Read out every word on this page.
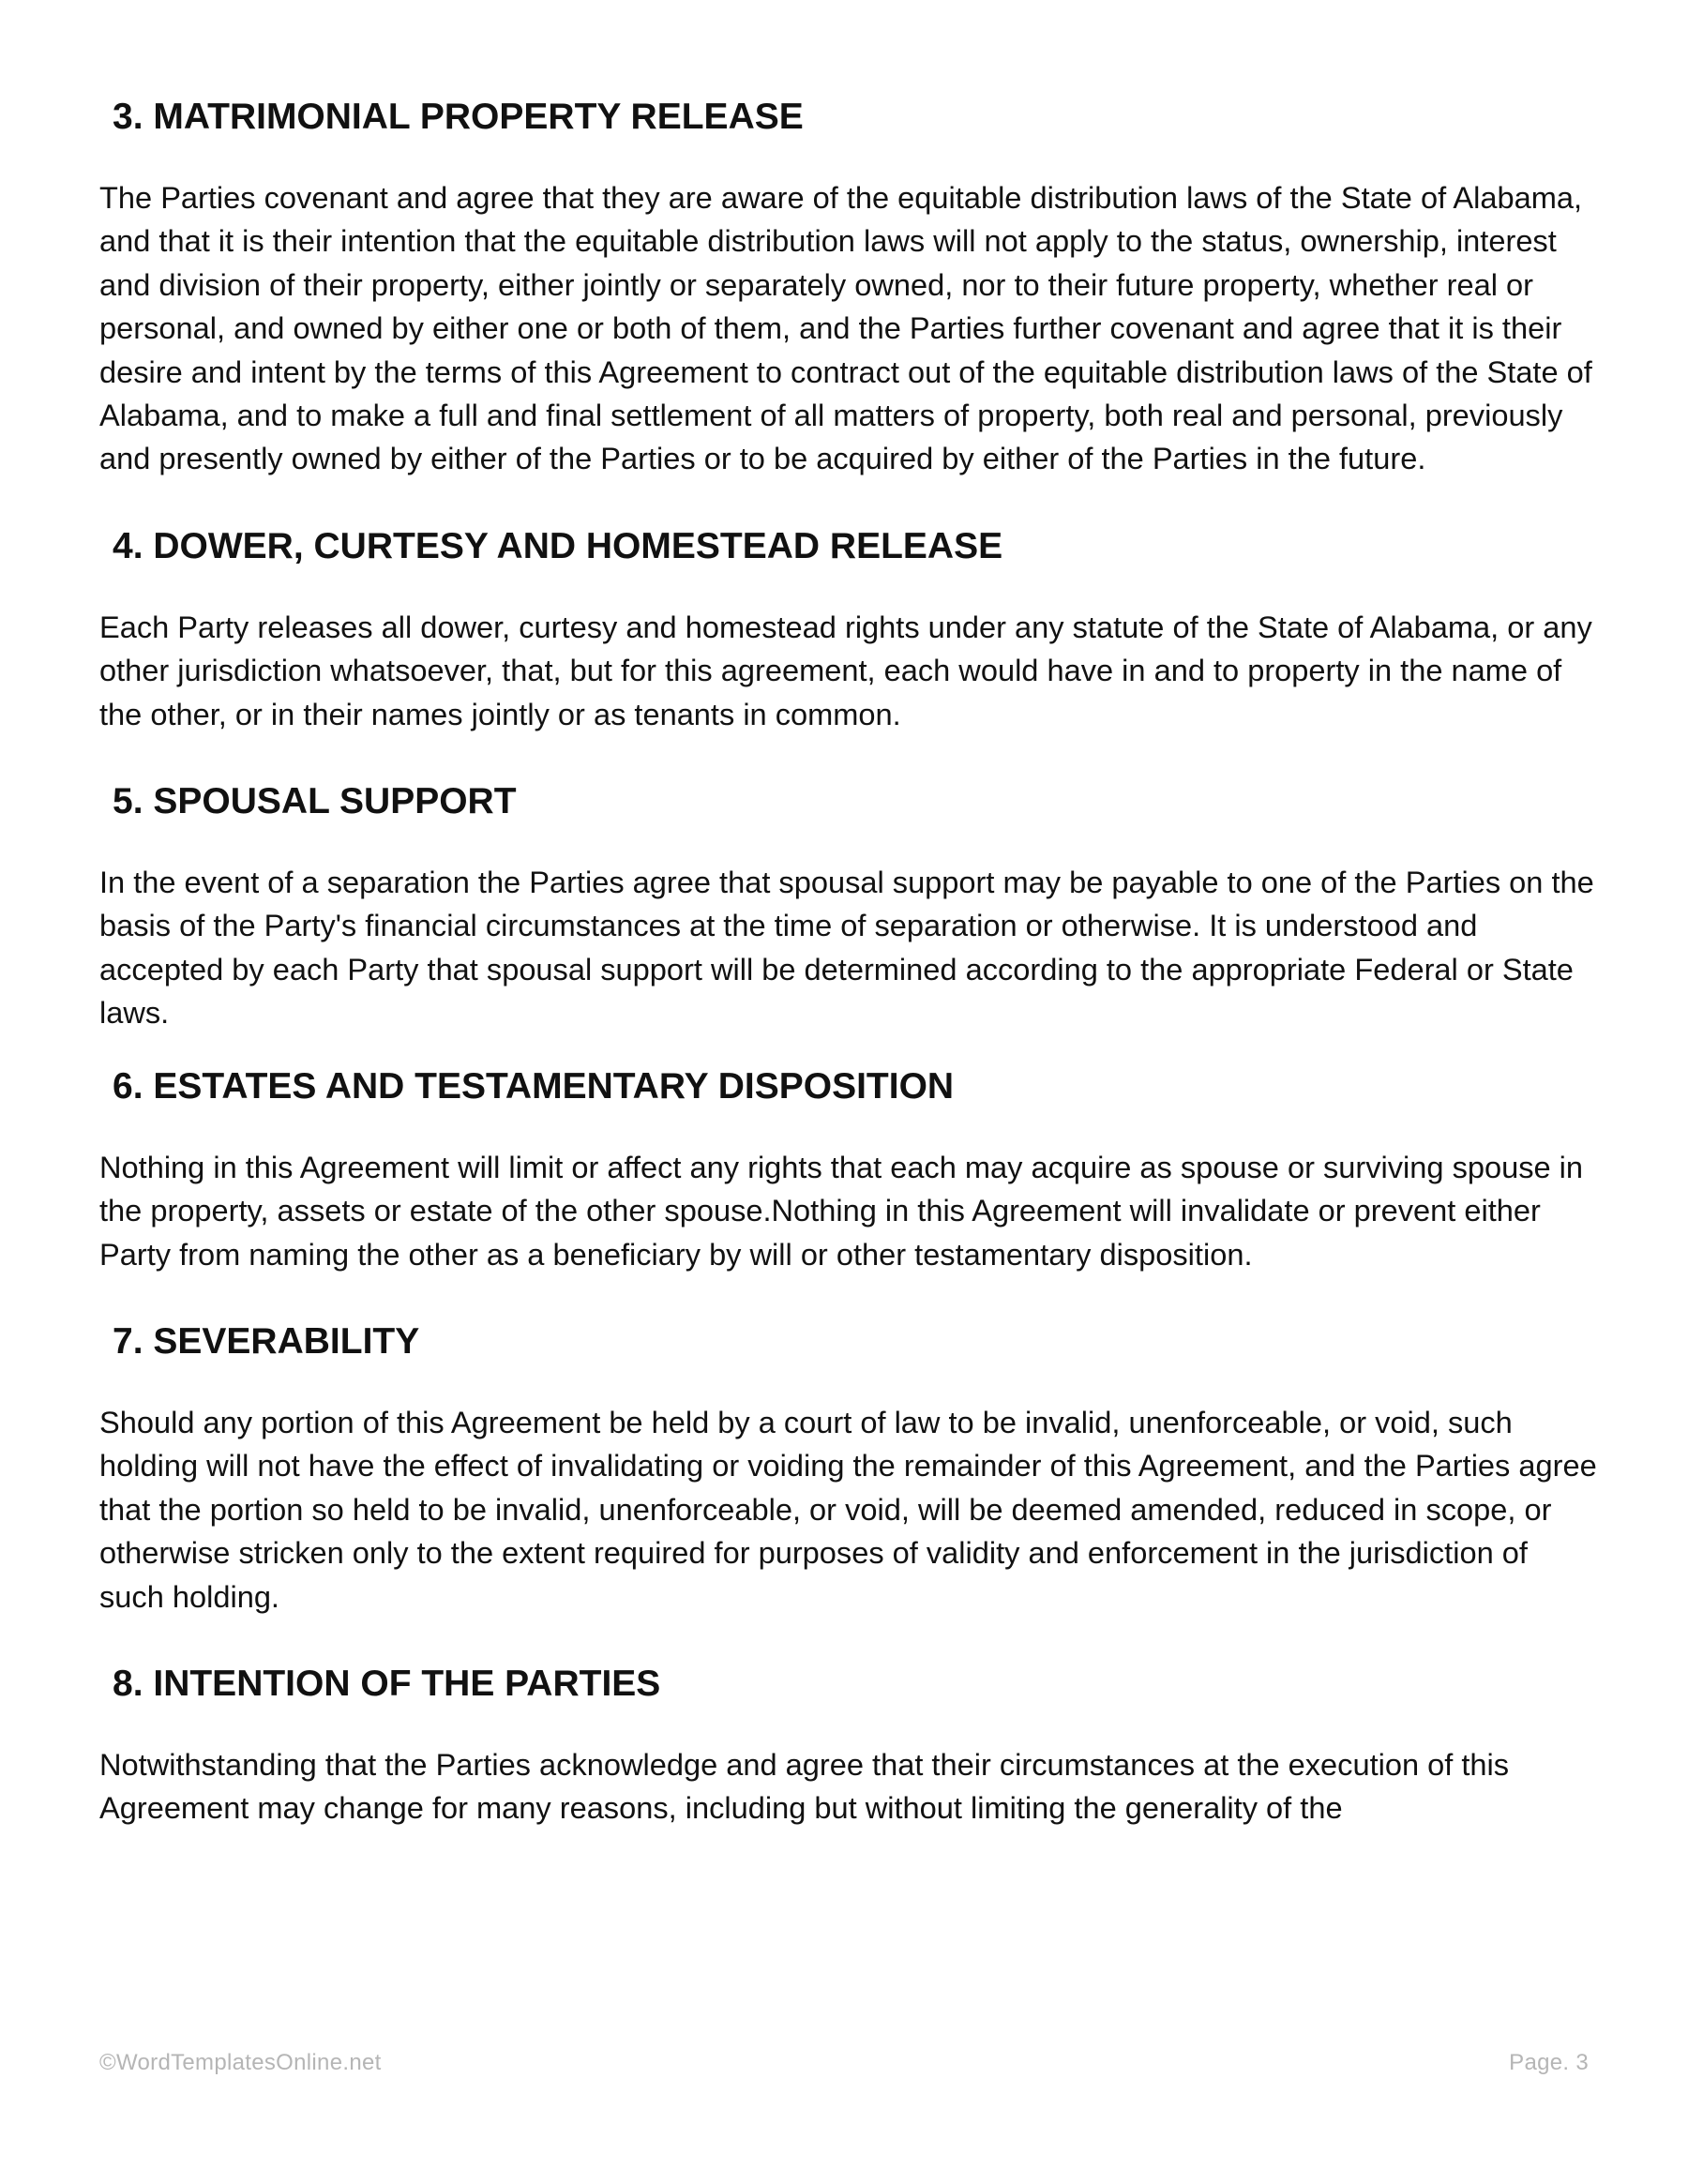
3. MATRIMONIAL PROPERTY RELEASE

The Parties covenant and agree that they are aware of the equitable distribution laws of the State of Alabama, and that it is their intention that the equitable distribution laws will not apply to the status, ownership, interest and division of their property, either jointly or separately owned, nor to their future property, whether real or personal, and owned by either one or both of them, and the Parties further covenant and agree that it is their desire and intent by the terms of this Agreement to contract out of the equitable distribution laws of the State of Alabama, and to make a full and final settlement of all matters of property, both real and personal, previously and presently owned by either of the Parties or to be acquired by either of the Parties in the future.

4. DOWER, CURTESY AND HOMESTEAD RELEASE

Each Party releases all dower, curtesy and homestead rights under any statute of the State of Alabama, or any other jurisdiction whatsoever, that, but for this agreement, each would have in and to property in the name of the other, or in their names jointly or as tenants in common.

5. SPOUSAL SUPPORT

In the event of a separation the Parties agree that spousal support may be payable to one of the Parties on the basis of the Party's financial circumstances at the time of separation or otherwise. It is understood and accepted by each Party that spousal support will be determined according to the appropriate Federal or State laws.

6. ESTATES AND TESTAMENTARY DISPOSITION

Nothing in this Agreement will limit or affect any rights that each may acquire as spouse or surviving spouse in the property, assets or estate of the other spouse.Nothing in this Agreement will invalidate or prevent either Party from naming the other as a beneficiary by will or other testamentary disposition.

7. SEVERABILITY

Should any portion of this Agreement be held by a court of law to be invalid, unenforceable, or void, such holding will not have the effect of invalidating or voiding the remainder of this Agreement, and the Parties agree that the portion so held to be invalid, unenforceable, or void, will be deemed amended, reduced in scope, or otherwise stricken only to the extent required for purposes of validity and enforcement in the jurisdiction of such holding.

8. INTENTION OF THE PARTIES

Notwithstanding that the Parties acknowledge and agree that their circumstances at the execution of this Agreement may change for many reasons, including but without limiting the generality of the

©WordTemplatesOnline.net	Page. 3
